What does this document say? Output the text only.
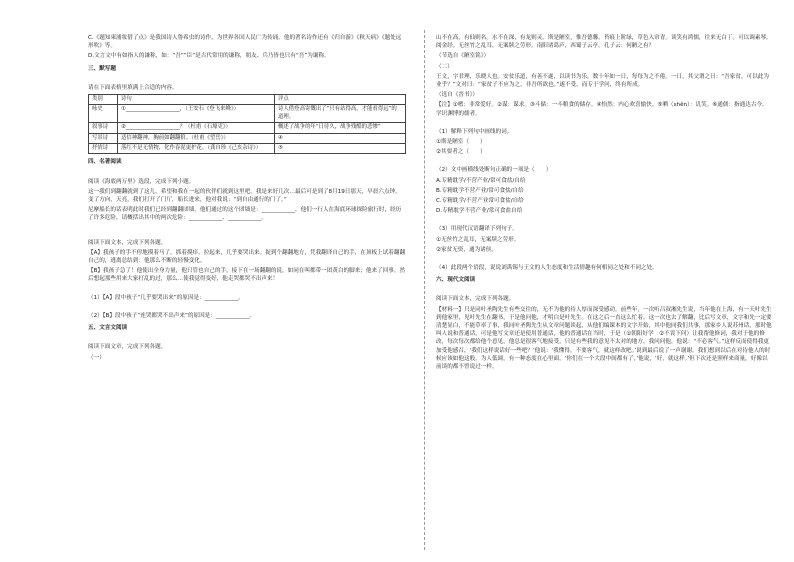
C.《题知柬浦妆借了点》是我国诗人鲁希虫的诗作，为世界各国人民广为传诵。他的著名诗作还有《归自游》《秋天病》《题处远形吹》等。

D.文言文中有如指人的谦称，如：“吾”“臣”是古代常用的谦称，朋友、兵乃皆也只有“吾”为谦称。

三、默写题

请在下面表格里填满上合适的内容。

类别	诗句	评点
咏史	①____________________，（王安石《登飞来峰》）	诗人借登高寄慨出了“只有站得高，才能看得远”的道理。
叙事诗	②____________________？（杜甫《石壕吏》）	概述了战争的年“日待久，战争残酷的悲惨”
写景诗	适信神翻神，胸前如翻翻狼。（杜甫《望岳》）	④
抒情诗	落红不是无情物，化作春泥更护花。（龚自珍《己亥杂诗》）	⑤

四、名著阅读

阅读《海底两万里》选段，完成下列小题。

这一我们到翻翻就到了这儿，希望和我在一起的伙伴们就到这里吧。我是来好几次…最后可是到了8月19日那天，早晨六点钟，变了方向，天亮，我们打开了门厅，船长进来，他对我说：“到自由通行的门了。”

尼摩船长的话表明此时我们已经到翻翻团墙，他们通过的这个团墙是：____________，他们一行人在海底环球探险旅行时，经历了许多危险，请概括出其中的两次危险：____________、____________。

阅读下面文本，完成下列各题。

【A】我孩子的手不停地摸着马了，抓着摸痒，拉起来，几乎要哭出来。捉到个翻翻地方，凭我翻译自己的手，在顶板上试着翻翻自己的，逃离总结到：他那么不断的轻慢变化。

【B】我孩子急了！他使出全身力量，他只管也自己的手，接下在一场翻翻的说，如同在叫都带一团黄白的脚来；他来了回事。然后想起那些用来大家打乱的过，那么…使我觉得变好，他走哭都哭不出声来！

（1）【A】段中孩子“几乎要哭出来”的原因是：____________。

（2）【B】段中孩子“连哭都哭不出声来”的原因是：____________。

五、文言文阅读

阅读下面文章，完成下列各题。

（一）

山不在高，有仙则名。水不在深，有龙则灵。斯是陋室，惟吾德馨。苔痕上阶绿，草色入帘青。谈笑有鸿儒，往来无白丁。可以调素琴，阅金经。无丝竹之乱耳，无案牍之劳形。南阳诸葛庐，西蜀子云亭。孔子云：何陋之有？

（节选自《陋室铭》）

（二）

王文，字君理，乐晓人也。安贫乐道，有善不遂，以读书为乐，数十年如一日，每每为之不倦。一日，其父谓之曰：“吾家贫，可以此为业乎？”文对曰：“家贫子不应为之，非吾所欲也。”遂不受，而专于学问，终有所成。

（选自《晋书》）

【注】①嗜：非常爱好。②谋：谋求。③斗储：一斗粮食的储存。④怡然：内心欢喜愉快。⑤晒（shěn）：讥笑。⑥通儒：指通达古今、学识渊博的儒者。

（1）解释下列句中画线的词。

①斯是陋室（　　）

②其要者之（　　）

（2）文中画横线处断句正确的一项是（　　）

A.专精耽学/不营产业/常可食盐/自给

B.专精耽学不营产业/常可食盐/自给

C.专精耽学/不营产业常可食盐/自给

D.专精耽学不营产业/常可食盐自给

（3）用现代汉语翻译下列句子。

①无丝竹之乱耳，无案牍之劳形。

②家贫无资，通为诸侯。

（4）此段两个语段，说说刘禹锡与王文的人生态度和生活情趣有何相同之处和不同之处。

六、现代文阅读

阅读下面文本，完成下列各题。

【材料一】只是同叶圣陶先生有些交往的，无不为他的待人厚而深受感动。前些年，一次听吕叔湘先生说，当年他在上海，有一天叶先生到他家里，见叶先生在翻书，于是他问他，才明白是叶先生。在这之后一直这么忙着。这一次也去了解翻，比后写文章，文字和先一定要清楚显白，不能草率了事，我同叶圣陶先生从文章问题谈起，从他们编课本的文字开始，其中他同我们共事，那家乡人说苏州话，那时他叫人说和普通话。可是他写文章还是使用普通话，他的普通话在当时，于是（①朝阳好学　②不畏下问）让我帮他修词，我对于他的修改，每次每次都给他个意见，他总是很客气地接受，只是有些我的意见不太对的地方，我问问他，他说：“不必客气。”这样反而使得我更加受他感召，‘我们这样说话好一些吧？’他说：‘我懂得，不要客气，就这样改吧。’说到最后说了一声谢谢。我们想到以后在对待他人的时候应该如他这般，为人低调，有一种态度在心里面，‘你们在一个大段中间都有了，’他说，‘好，就这样。’但下次还是照样来商量，好像以前谈的都不曾说过一样。
